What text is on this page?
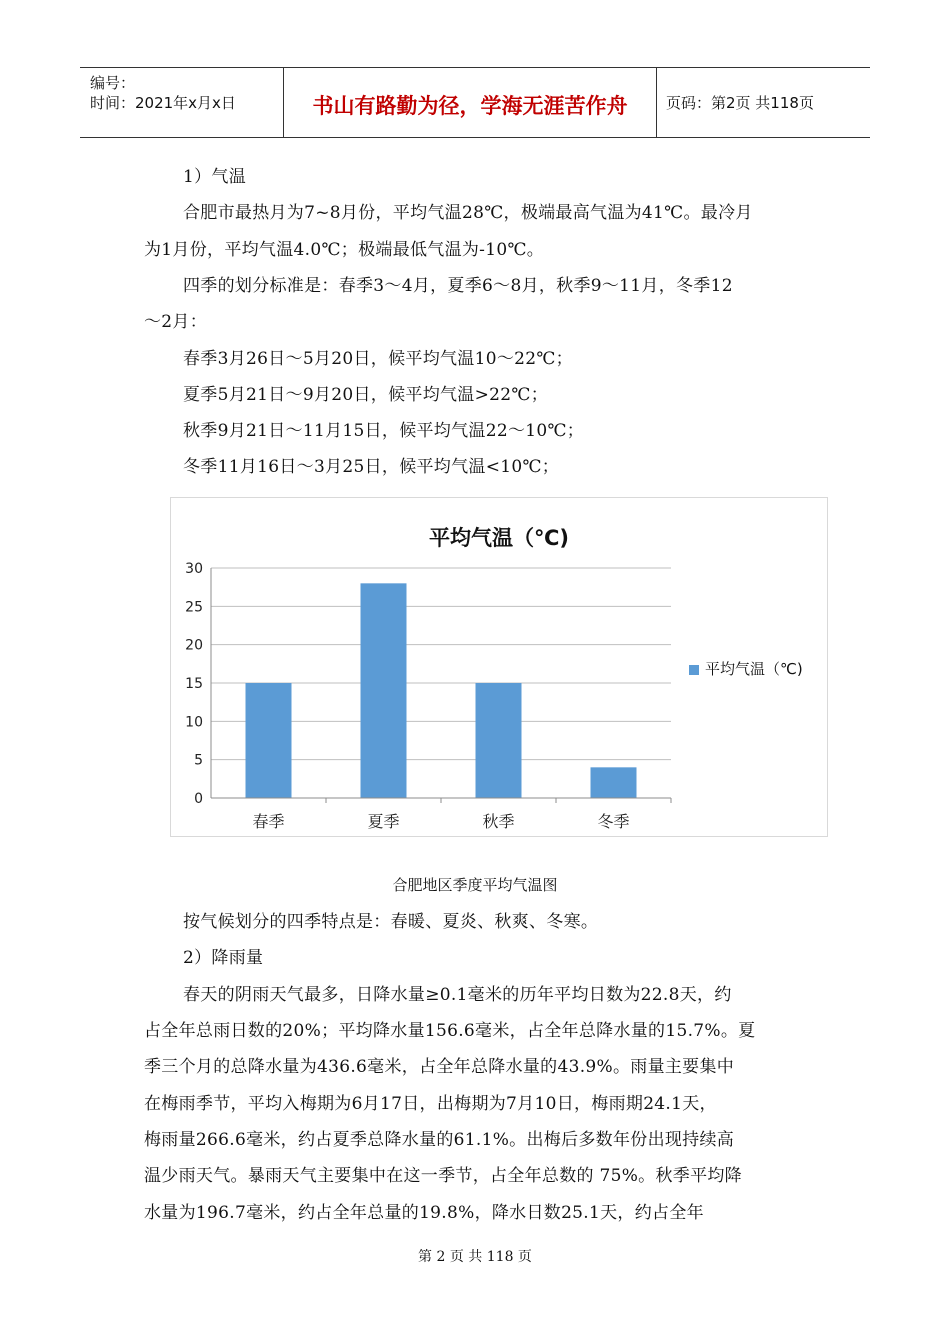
编号：
时间：2021年x月x日	书山有路勤为径，学海无涯苦作舟	页码：第2页 共118页
1）气温
合肥市最热月为7~8月份，平均气温28℃，极端最高气温为41℃。最冷月
为1月份，平均气温4.0℃；极端最低气温为-10℃。
四季的划分标准是：春季3～4月，夏季6～8月，秋季9～11月，冬季12
～2月：
春季3月26日～5月20日，候平均气温10～22℃；
夏季5月21日～9月20日，候平均气温>22℃；
秋季9月21日～11月15日，候平均气温22～10℃；
冬季11月16日～3月25日，候平均气温<10℃；
平均气温（℃)
0
5
10
15
20
25
30
春季	夏季	秋季	冬季
平均气温（℃)
合肥地区季度平均气温图
按气候划分的四季特点是：春暖、夏炎、秋爽、冬寒。
2）降雨量
春天的阴雨天气最多，日降水量≥0.1毫米的历年平均日数为22.8天，约
占全年总雨日数的20%；平均降水量156.6毫米，占全年总降水量的15.7%。夏
季三个月的总降水量为436.6毫米，占全年总降水量的43.9%。雨量主要集中
在梅雨季节，平均入梅期为6月17日，出梅期为7月10日，梅雨期24.1天，
梅雨量266.6毫米，约占夏季总降水量的61.1%。出梅后多数年份出现持续高
温少雨天气。暴雨天气主要集中在这一季节，占全年总数的 75%。秋季平均降
水量为196.7毫米，约占全年总量的19.8%，降水日数25.1天，约占全年
第 2 页 共 118 页
